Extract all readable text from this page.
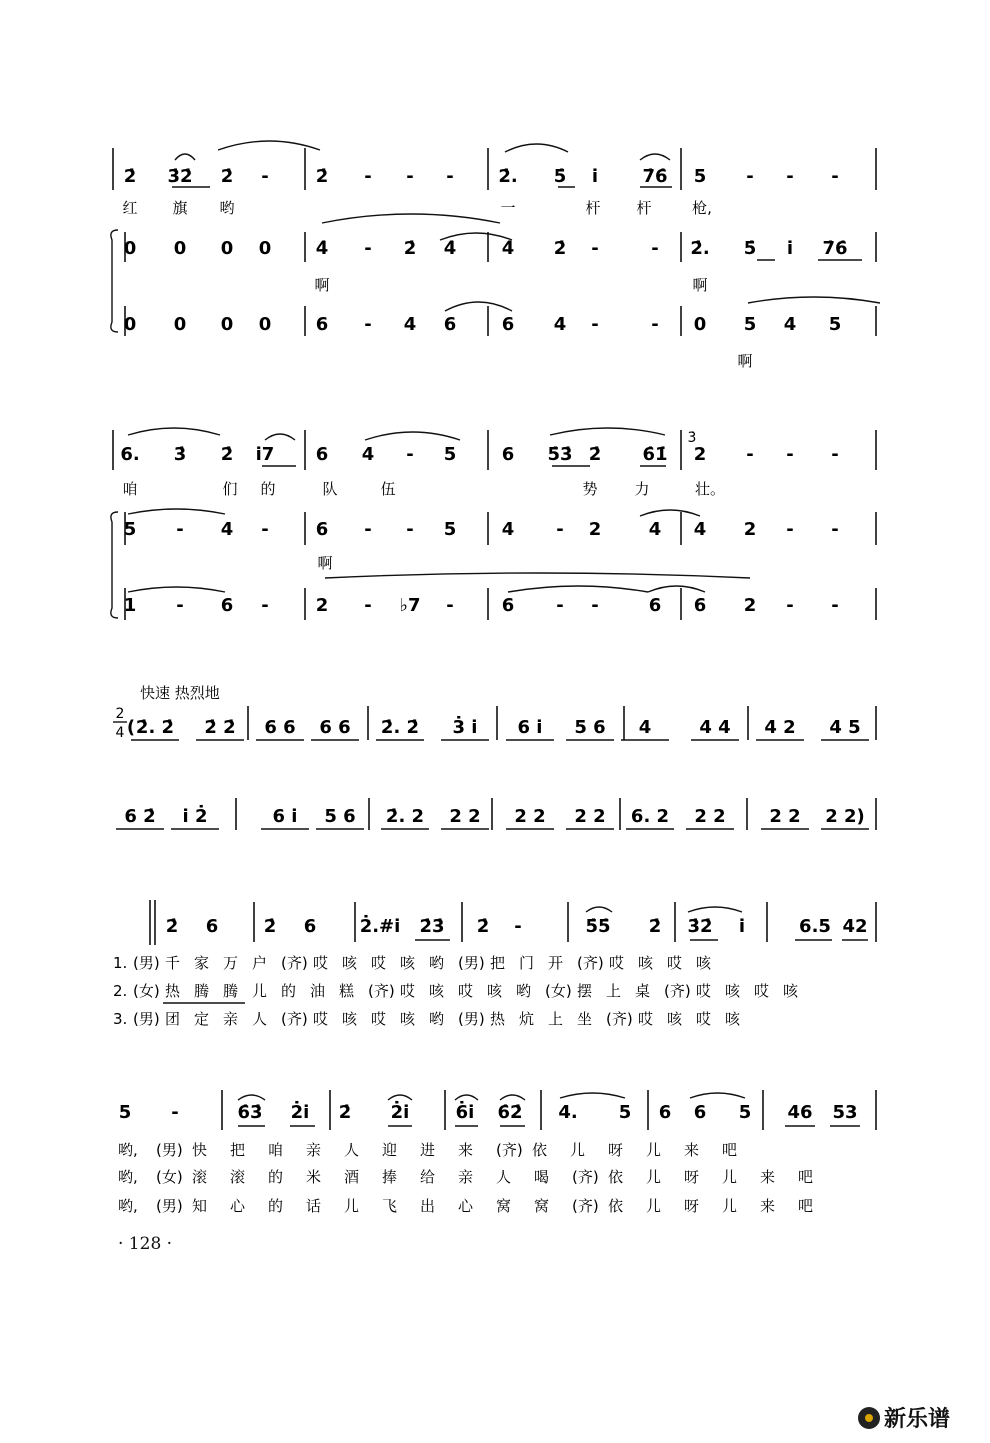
2̇ 3̇2̇ 2̇ -	2̇ - - - 2̇. 5̇ i̇ 7̇6̇ 5 - - -
红 旗 哟	一	杆 杆	枪,
0 0 0 0 4̇ - 2̇ 4̇	4̇ 2̇ -	- 2̇. 5̇ i̇ 7̇6̇
啊	啊
0 0 0 0 6 - 4 6	6 4 -	- 0 5 4 5
啊
6. 3̇ 2̇ i̇7 6 4 - 5	6 5̇3̇ 2̇ 6̇1̇ 2 - - -
3̇
咱	们 的	队	伍	势 力	壮。
5 - 4 -	6 - - 5	4 - 2	4 4 2 - -
啊
1 - 6 -	2 - ♭7 -	6 - -	6 6 2 - -
快速 热烈地
2
4 ( 2̇. 2̇ 2̇ 2̇ 6 6 6 6 2̇. 2̇ 3̇ i̇ 6 i̇ 5 6 4	4 4 4 2 4 5
6 2̇ i̇ 2̇	6 i̇ 5 6 2̇. 2 2 2 2 2 2 2 6. 2 2 2 2 2 2 2)
2̇ 6	2̇ 6 2̇.#i̇ 2̇3̇ 2̇ -	5̇5̇ 2̇ 3̇2̇ i̇	6.5 42
1. (男) 千 家 万 户 (齐) 哎 咳 哎 咳 哟 (男) 把 门 开 (齐) 哎 咳 哎 咳
2. (女) 热 腾 腾 儿 的 油 糕 (齐) 哎 咳 哎 咳 哟 (女) 摆 上 桌 (齐) 哎 咳 哎 咳
3. (男) 团 定 亲 人 (齐) 哎 咳 哎 咳 哟 (男) 热 炕 上 坐 (齐) 哎 咳 哎 咳
5 -	6̇3̇ 2̇i̇ 2̇ 2̇i̇	6̇i̇ 6̇2̇ 4. 5 6 6 5 46 53
哟, (男) 快 把 咱 亲 人 迎 进 来 (齐) 依 儿 呀 儿 来 吧
哟, (女) 滚 滚 的 米 酒 捧 给 亲 人 喝 (齐) 依 儿 呀 儿 来 吧
哟, (男) 知 心 的 话 儿 飞 出 心 窝 窝 (齐) 依 儿 呀 儿 来 吧
· 128 ·
新乐谱
